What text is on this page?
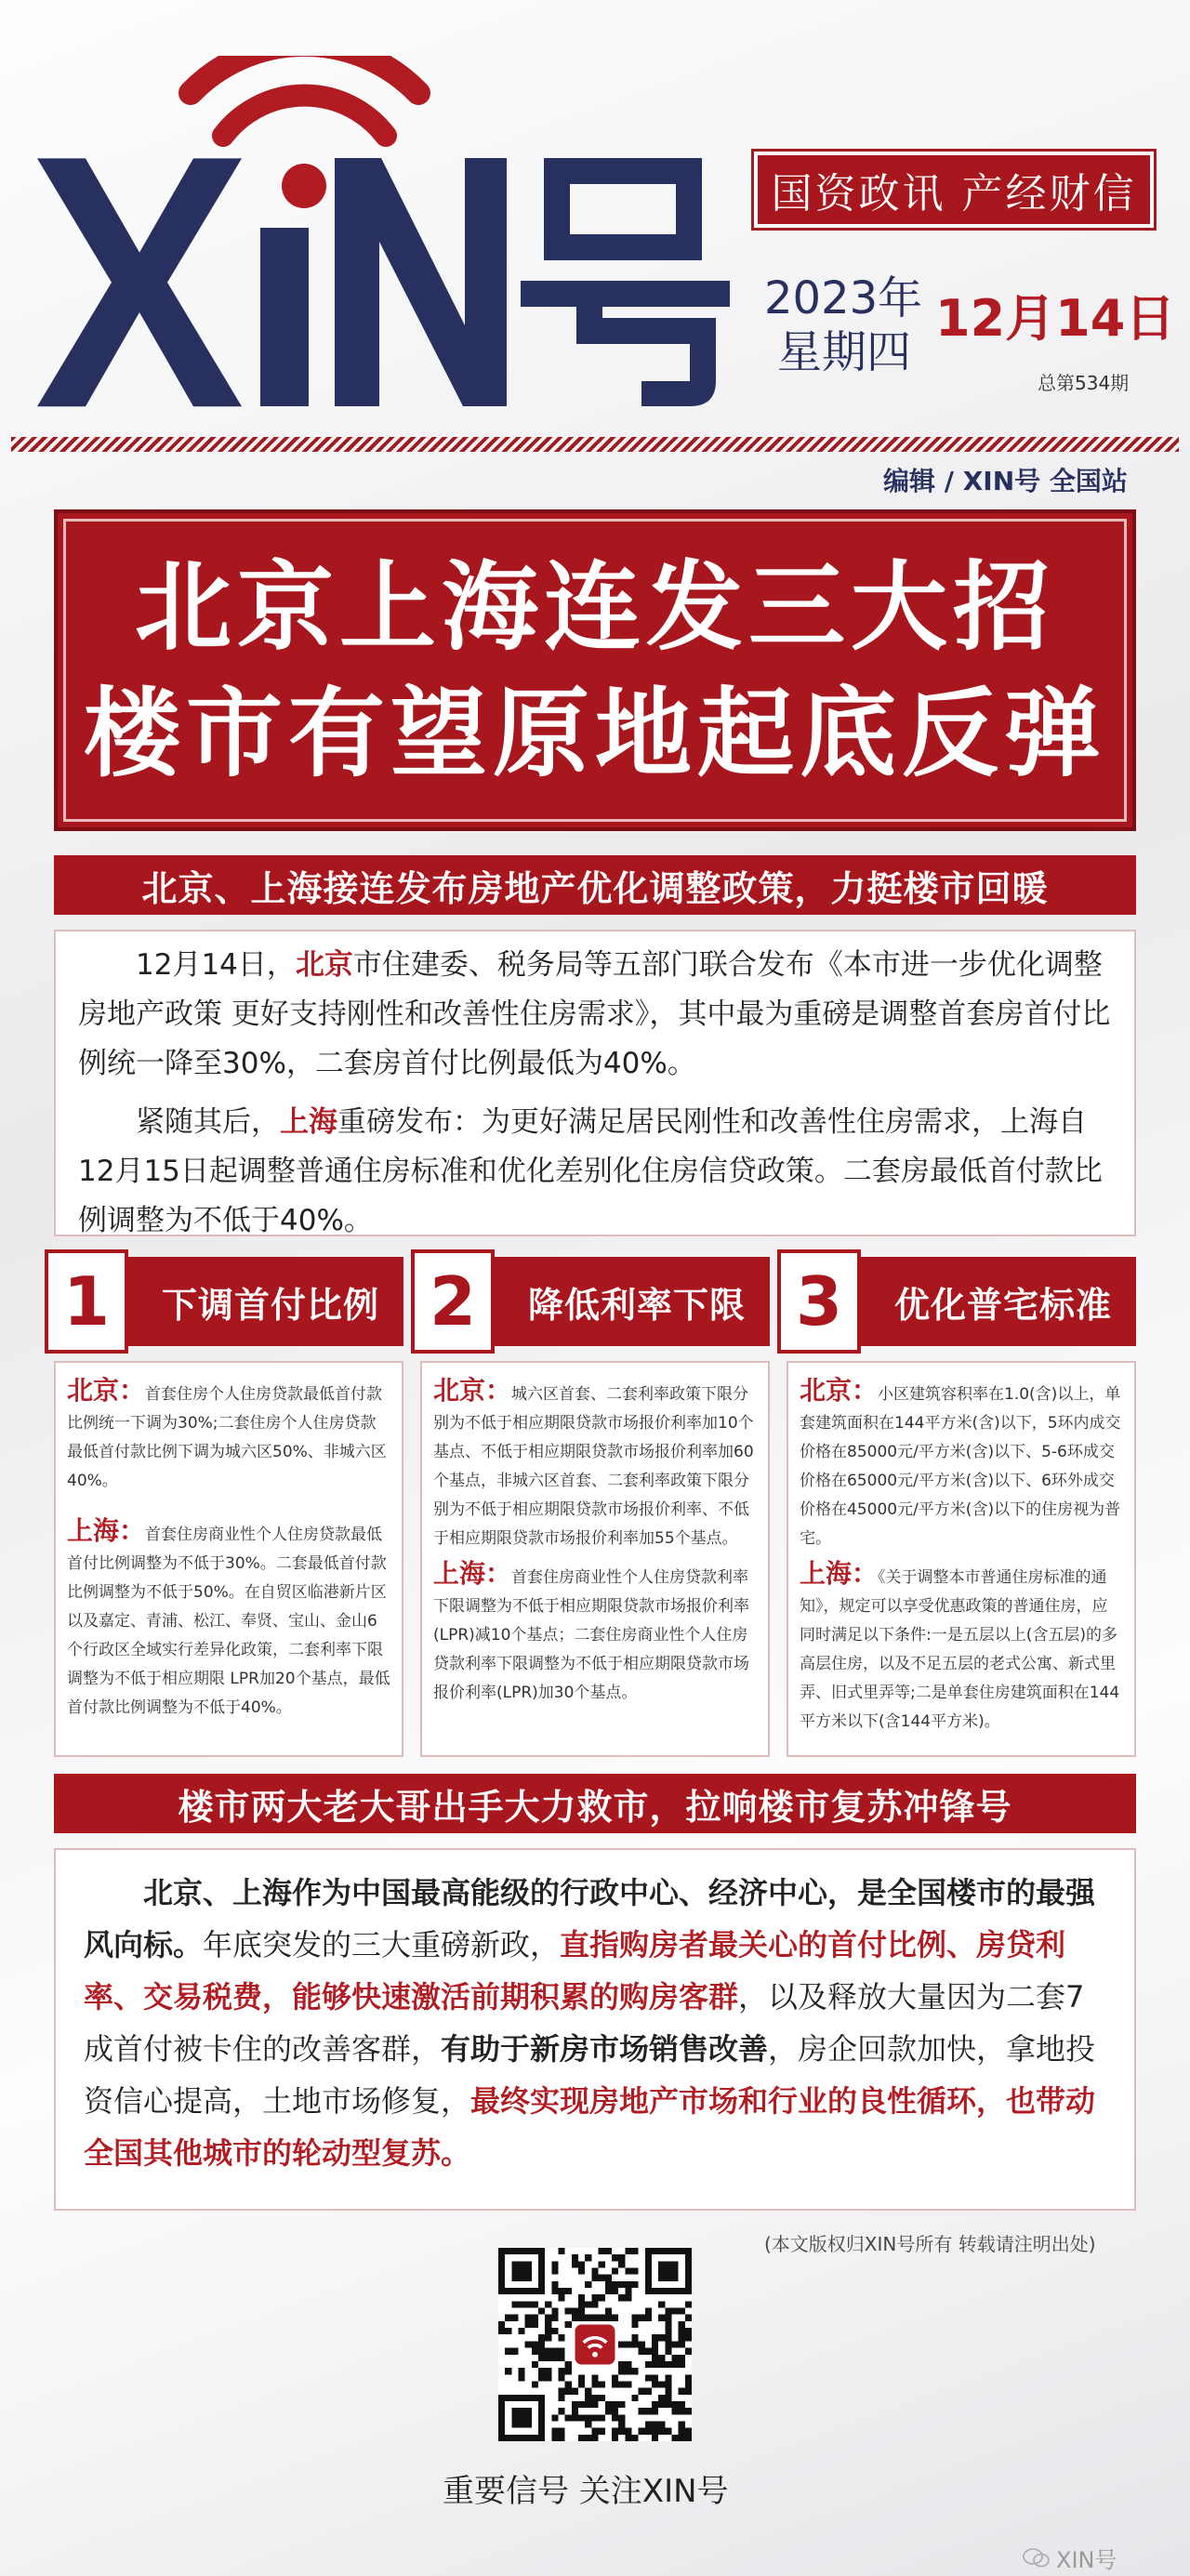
国资政讯 产经财信
2023年
星期四
12月14日
总第534期
编辑 / XIN号 全国站
北京上海连发三大招
楼市有望原地起底反弹
北京、上海接连发布房地产优化调整政策，力挺楼市回暖

12月14日，北京市住建委、税务局等五部门联合发布《本市进一步优化调整房地产政策 更好支持刚性和改善性住房需求》，其中最为重磅是调整首套房首付比例统一降至30%，二套房首付比例最低为40%。

紧随其后，上海重磅发布：为更好满足居民刚性和改善性住房需求，上海自12月15日起调整普通住房标准和优化差别化住房信贷政策。二套房最低首付款比例调整为不低于40%。

1	下调首付比例 2	降低利率下限 3	优化普宅标准

北京：首套住房个人住房贷款最低首付款比例统一下调为30%;二套住房个人住房贷款最低首付款比例下调为城六区50%、非城六区40%。

上海：首套住房商业性个人住房贷款最低首付比例调整为不低于30%。二套最低首付款比例调整为不低于50%。在自贸区临港新片区以及嘉定、青浦、松江、奉贤、宝山、金山6个行政区全域实行差异化政策，二套利率下限调整为不低于相应期限 LPR加20个基点，最低首付款比例调整为不低于40%。

北京：城六区首套、二套利率政策下限分别为不低于相应期限贷款市场报价利率加10个基点、不低于相应期限贷款市场报价利率加60个基点，非城六区首套、二套利率政策下限分别为不低于相应期限贷款市场报价利率、不低于相应期限贷款市场报价利率加55个基点。

上海：首套住房商业性个人住房贷款利率下限调整为不低于相应期限贷款市场报价利率(LPR)减10个基点；二套住房商业性个人住房贷款利率下限调整为不低于相应期限贷款市场报价利率(LPR)加30个基点。

北京：小区建筑容积率在1.0(含)以上，单套建筑面积在144平方米(含)以下，5环内成交价格在85000元/平方米(含)以下、5-6环成交价格在65000元/平方米(含)以下、6环外成交价格在45000元/平方米(含)以下的住房视为普宅。

上海：《关于调整本市普通住房标准的通知》，规定可以享受优惠政策的普通住房，应同时满足以下条件:一是五层以上(含五层)的多高层住房，以及不足五层的老式公寓、新式里弄、旧式里弄等;二是单套住房建筑面积在144平方米以下(含144平方米)。

楼市两大老大哥出手大力救市，拉响楼市复苏冲锋号
北京、上海作为中国最高能级的行政中心、经济中心，是全国楼市的最强风向标。年底突发的三大重磅新政，直指购房者最关心的首付比例、房贷利率、交易税费，能够快速激活前期积累的购房客群，以及释放大量因为二套7成首付被卡住的改善客群，有助于新房市场销售改善，房企回款加快，拿地投资信心提高，土地市场修复，最终实现房地产市场和行业的良性循环，也带动全国其他城市的轮动型复苏。
(本文版权归XIN号所有 转载请注明出处)
重要信号 关注XIN号
XIN号
